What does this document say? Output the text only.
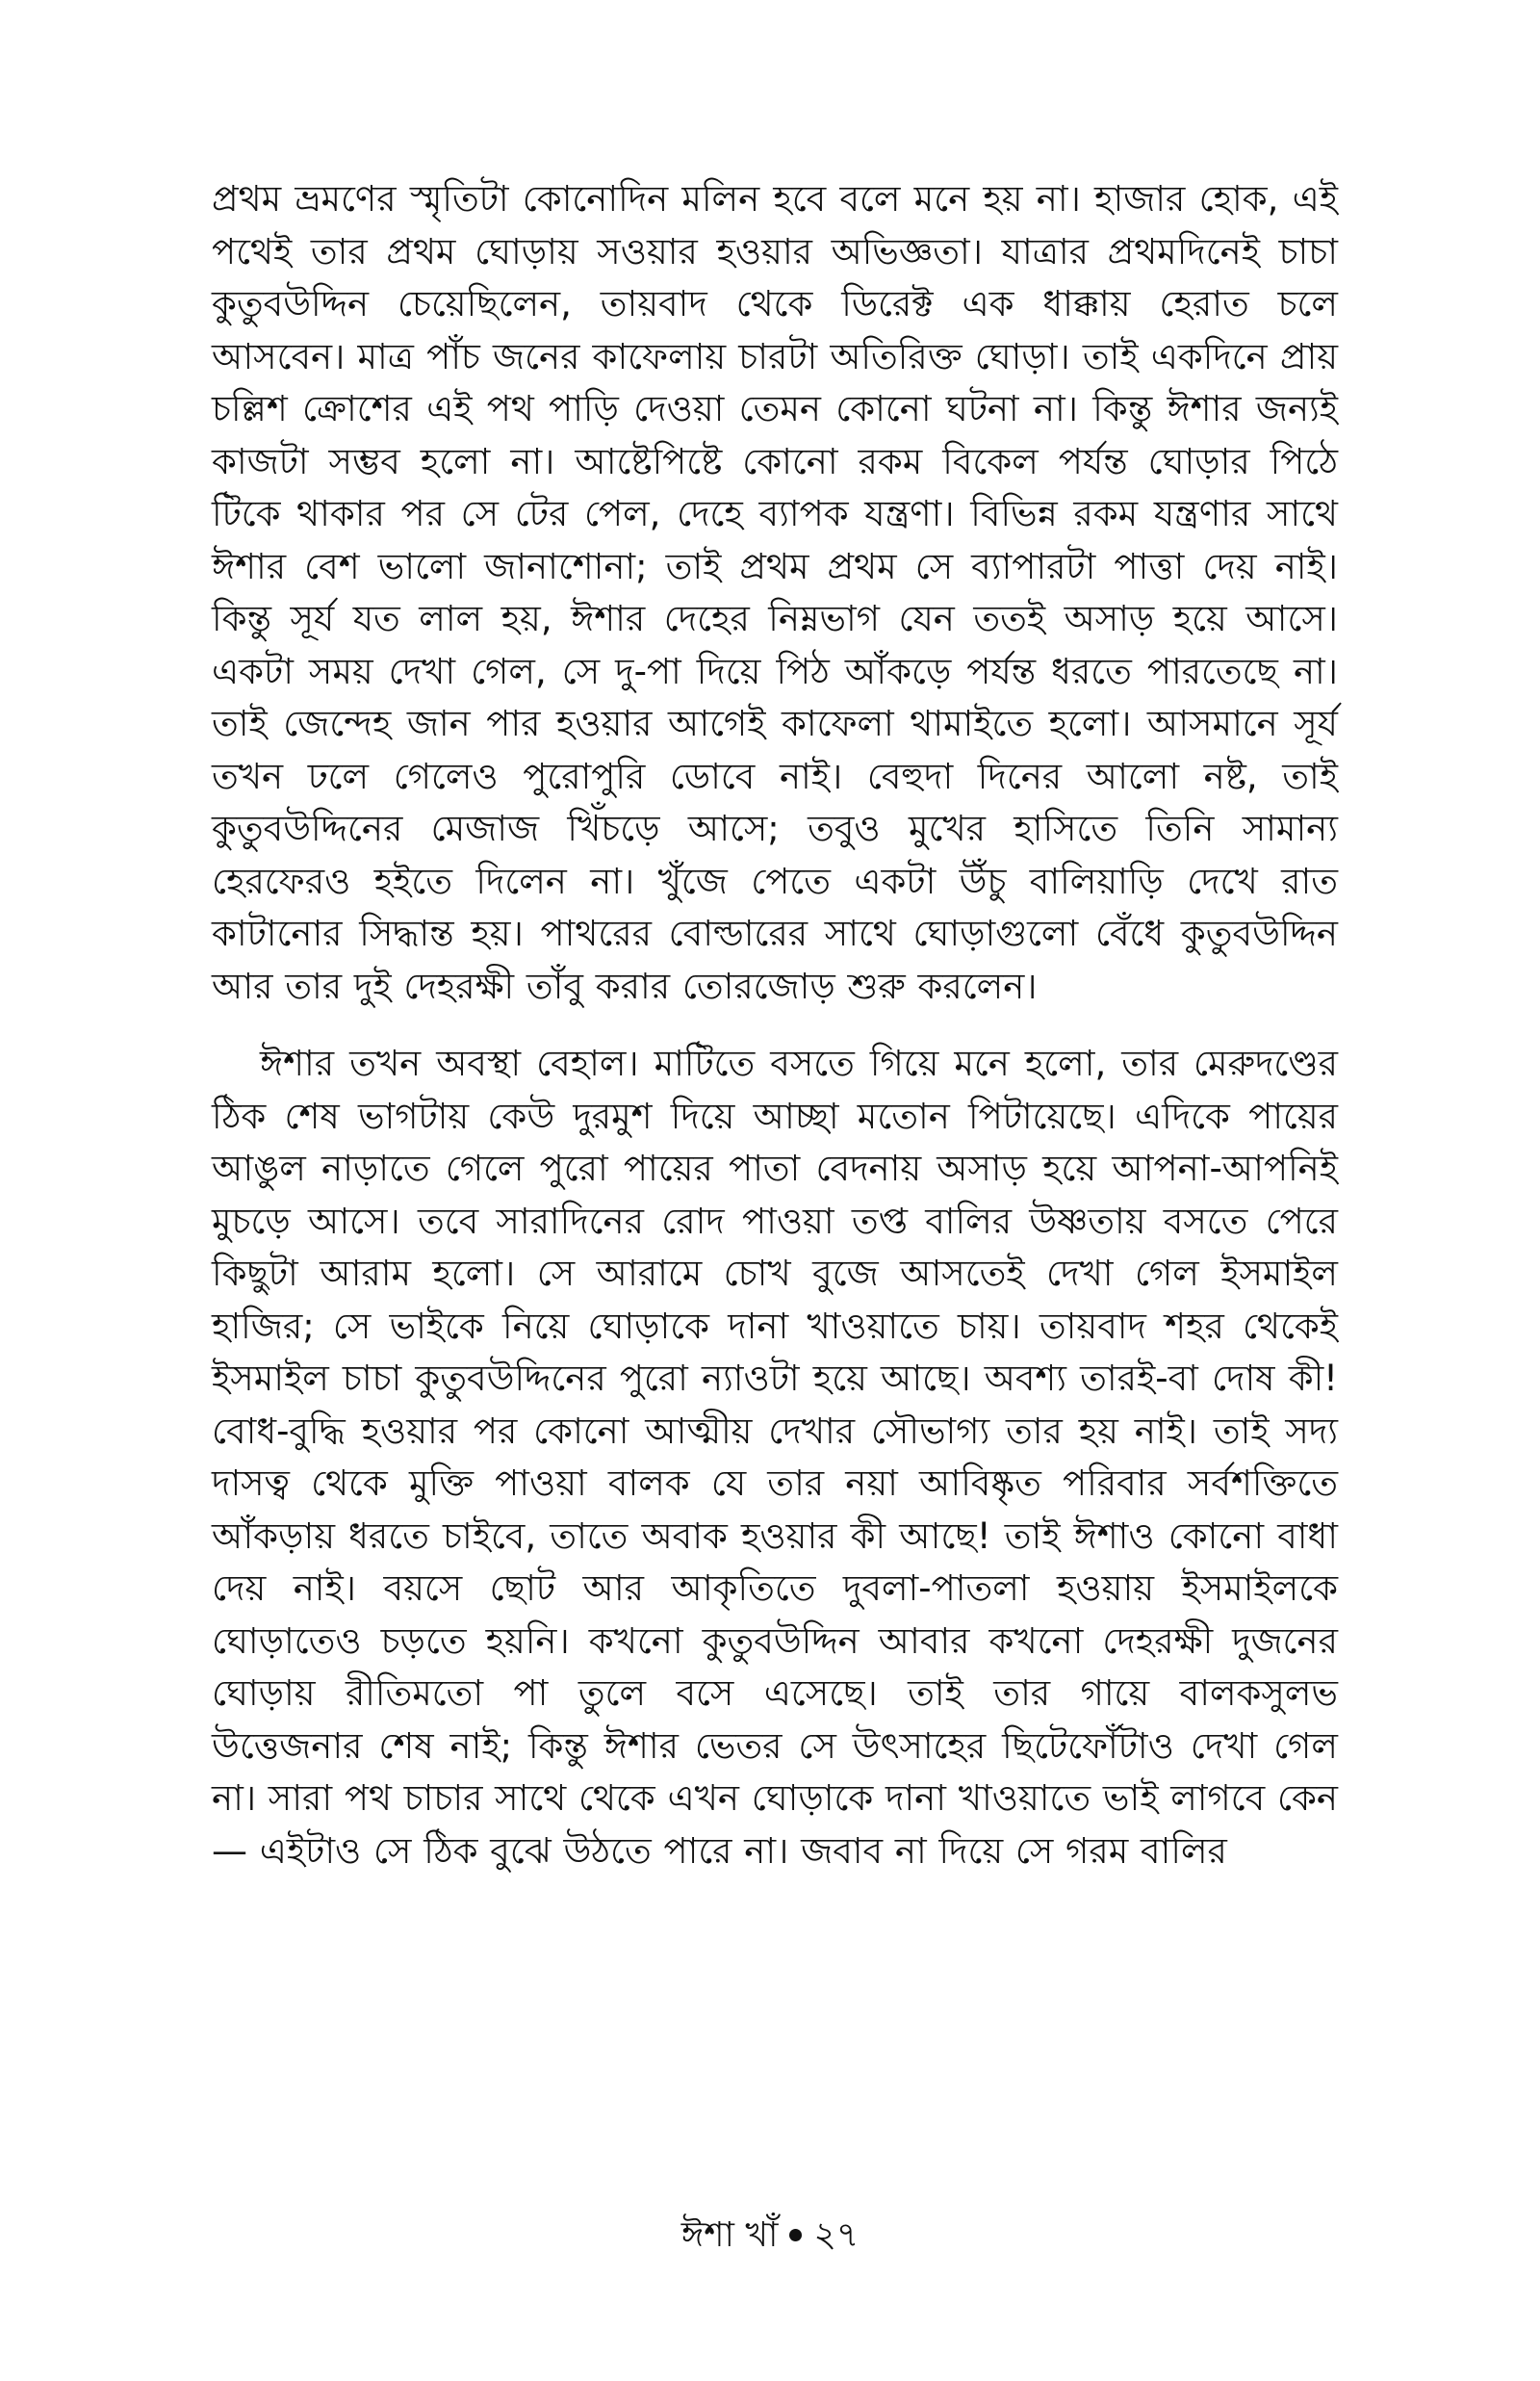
প্রথম ভ্রমণের স্মৃতিটা কোনোদিন মলিন হবে বলে মনে হয় না। হাজার হোক, এই পথেই তার প্রথম ঘোড়ায় সওয়ার হওয়ার অভিজ্ঞতা। যাত্রার প্রথমদিনেই চাচা কুতুবউদ্দিন চেয়েছিলেন, তায়বাদ থেকে ডিরেক্ট এক ধাক্কায় হেরাত চলে আসবেন। মাত্র পাঁচ জনের কাফেলায় চারটা অতিরিক্ত ঘোড়া। তাই একদিনে প্রায় চল্লিশ ক্রোশের এই পথ পাড়ি দেওয়া তেমন কোনো ঘটনা না। কিন্তু ঈশার জন্যই কাজটা সম্ভব হলো না। আষ্টেপিষ্টে কোনো রকম বিকেল পর্যন্ত ঘোড়ার পিঠে টিকে থাকার পর সে টের পেল, দেহে ব্যাপক যন্ত্রণা। বিভিন্ন রকম যন্ত্রণার সাথে ঈশার বেশ ভালো জানাশোনা; তাই প্রথম প্রথম সে ব্যাপারটা পাত্তা দেয় নাই। কিন্তু সূর্য যত লাল হয়, ঈশার দেহের নিম্নভাগ যেন ততই অসাড় হয়ে আসে। একটা সময় দেখা গেল, সে দু-পা দিয়ে পিঠ আঁকড়ে পর্যন্ত ধরতে পারতেছে না। তাই জেন্দেহ জান পার হওয়ার আগেই কাফেলা থামাইতে হলো। আসমানে সূর্য তখন ঢলে গেলেও পুরোপুরি ডোবে নাই। বেহুদা দিনের আলো নষ্ট, তাই কুতুবউদ্দিনের মেজাজ খিঁচড়ে আসে; তবুও মুখের হাসিতে তিনি সামান্য হেরফেরও হইতে দিলেন না। খুঁজে পেতে একটা উঁচু বালিয়াড়ি দেখে রাত কাটানোর সিদ্ধান্ত হয়। পাথরের বোল্ডারের সাথে ঘোড়াগুলো বেঁধে কুতুবউদ্দিন আর তার দুই দেহরক্ষী তাঁবু করার তোরজোড় শুরু করলেন।

ঈশার তখন অবস্থা বেহাল। মাটিতে বসতে গিয়ে মনে হলো, তার মেরুদণ্ডের ঠিক শেষ ভাগটায় কেউ দুরমুশ দিয়ে আচ্ছা মতোন পিটায়েছে। এদিকে পায়ের আঙুল নাড়াতে গেলে পুরো পায়ের পাতা বেদনায় অসাড় হয়ে আপনা-আপনিই মুচড়ে আসে। তবে সারাদিনের রোদ পাওয়া তপ্ত বালির উষ্ণতায় বসতে পেরে কিছুটা আরাম হলো। সে আরামে চোখ বুজে আসতেই দেখা গেল ইসমাইল হাজির; সে ভাইকে নিয়ে ঘোড়াকে দানা খাওয়াতে চায়। তায়বাদ শহর থেকেই ইসমাইল চাচা কুতুবউদ্দিনের পুরো ন্যাওটা হয়ে আছে। অবশ্য তারই-বা দোষ কী! বোধ-বুদ্ধি হওয়ার পর কোনো আত্মীয় দেখার সৌভাগ্য তার হয় নাই। তাই সদ্য দাসত্ব থেকে মুক্তি পাওয়া বালক যে তার নয়া আবিষ্কৃত পরিবার সর্বশক্তিতে আঁকড়ায় ধরতে চাইবে, তাতে অবাক হওয়ার কী আছে! তাই ঈশাও কোনো বাধা দেয় নাই। বয়সে ছোট আর আকৃতিতে দুবলা-পাতলা হওয়ায় ইসমাইলকে ঘোড়াতেও চড়তে হয়নি। কখনো কুতুবউদ্দিন আবার কখনো দেহরক্ষী দুজনের ঘোড়ায় রীতিমতো পা তুলে বসে এসেছে। তাই তার গায়ে বালকসুলভ উত্তেজনার শেষ নাই; কিন্তু ঈশার ভেতর সে উৎসাহের ছিটেফোঁটাও দেখা গেল না। সারা পথ চাচার সাথে থেকে এখন ঘোড়াকে দানা খাওয়াতে ভাই লাগবে কেন— এইটাও সে ঠিক বুঝে উঠতে পারে না। জবাব না দিয়ে সে গরম বালির

ঈশা খাঁ ২৭
